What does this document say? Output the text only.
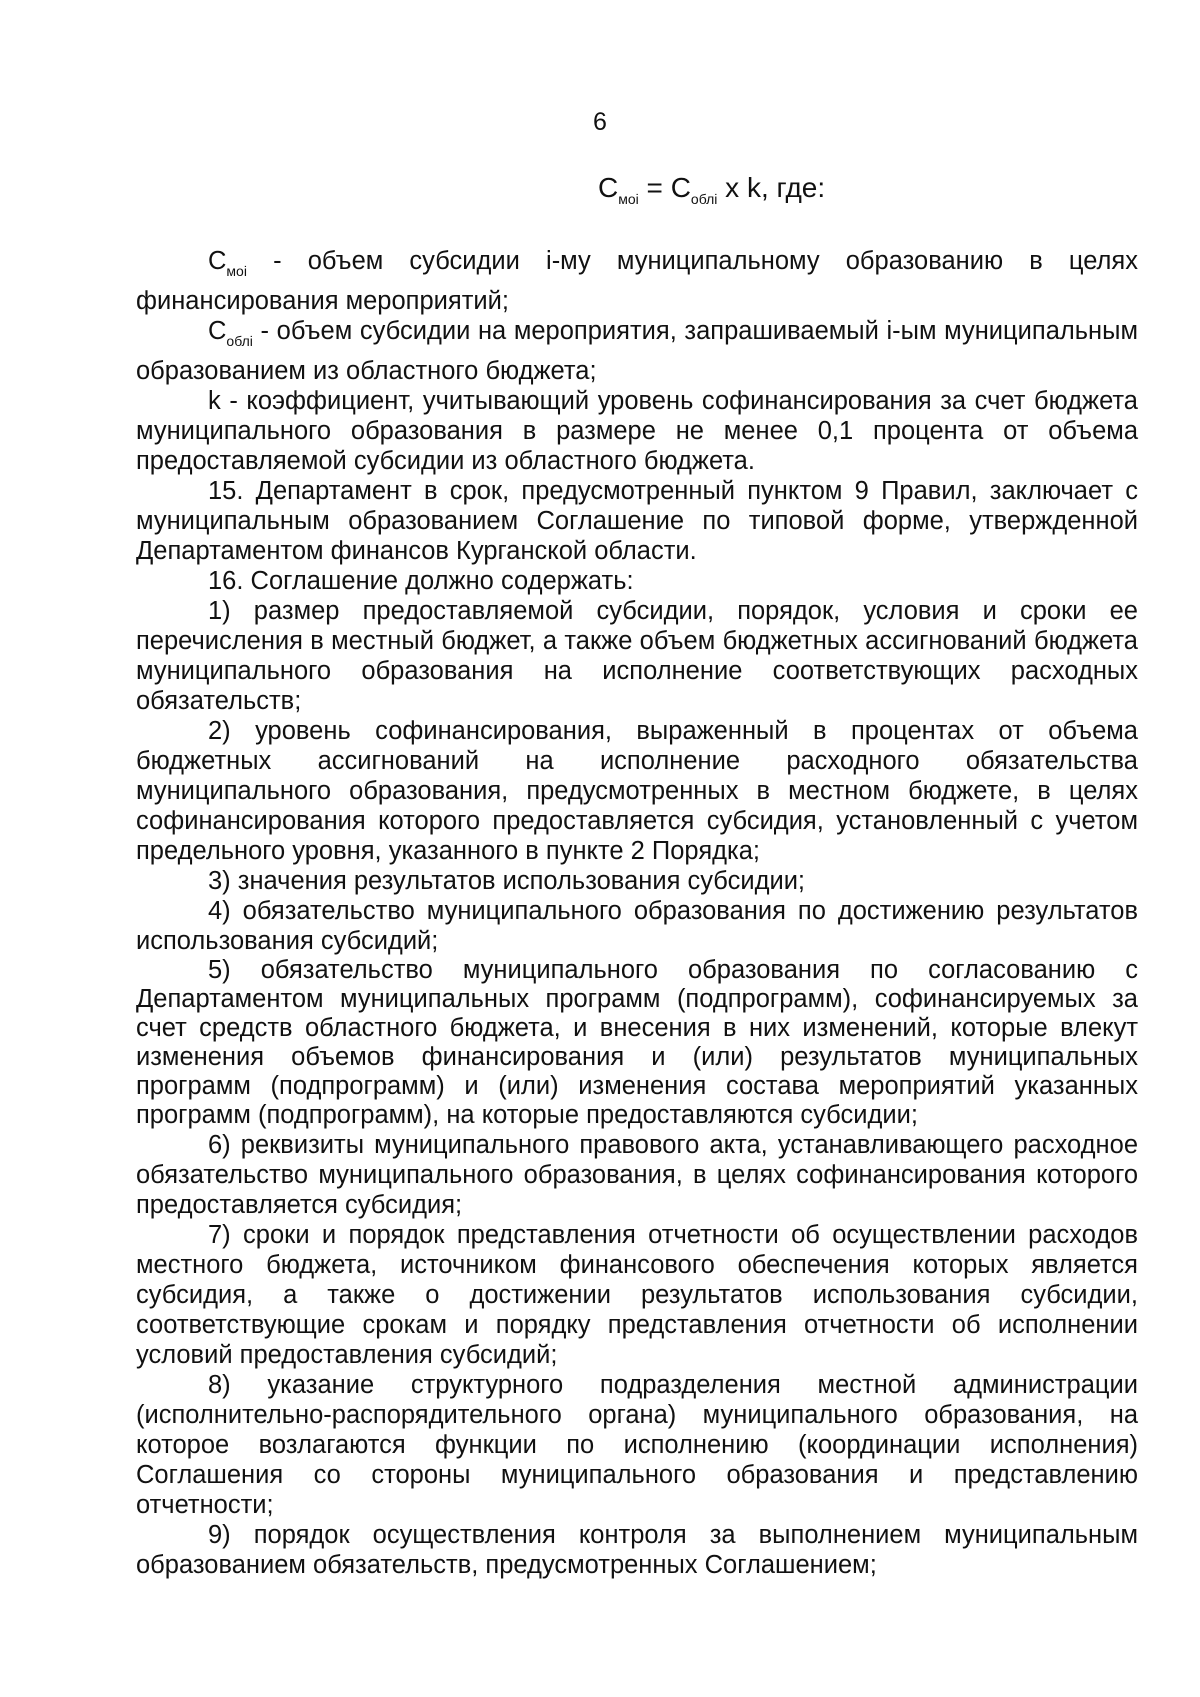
6
$C_{моі} = C_{облі}$ x k, где:

$C_{моі}$ - объем субсидии i-му муниципальному образованию в целях финансирования мероприятий;

$C_{облі}$ - объем субсидии на мероприятия, запрашиваемый i-ым муниципальным образованием из областного бюджета;

k - коэффициент, учитывающий уровень софинансирования за счет бюджета муниципального образования в размере не менее 0,1 процента от объема предоставляемой субсидии из областного бюджета.

15. Департамент в срок, предусмотренный пунктом 9 Правил, заключает с муниципальным образованием Соглашение по типовой форме, утвержденной Департаментом финансов Курганской области.

16. Соглашение должно содержать:

1) размер предоставляемой субсидии, порядок, условия и сроки ее перечисления в местный бюджет, а также объем бюджетных ассигнований бюджета муниципального образования на исполнение соответствующих расходных обязательств;

2) уровень софинансирования, выраженный в процентах от объема бюджетных ассигнований на исполнение расходного обязательства муниципального образования, предусмотренных в местном бюджете, в целях софинансирования которого предоставляется субсидия, установленный с учетом предельного уровня, указанного в пункте 2 Порядка;

3) значения результатов использования субсидии;

4) обязательство муниципального образования по достижению результатов использования субсидий;

5) обязательство муниципального образования по согласованию с Департаментом муниципальных программ (подпрограмм), софинансируемых за счет средств областного бюджета, и внесения в них изменений, которые влекут изменения объемов финансирования и (или) результатов муниципальных программ (подпрограмм) и (или) изменения состава мероприятий указанных программ (подпрограмм), на которые предоставляются субсидии;

6) реквизиты муниципального правового акта, устанавливающего расходное обязательство муниципального образования, в целях софинансирования которого предоставляется субсидия;

7) сроки и порядок представления отчетности об осуществлении расходов местного бюджета, источником финансового обеспечения которых является субсидия, а также о достижении результатов использования субсидии, соответствующие срокам и порядку представления отчетности об исполнении условий предоставления субсидий;

8) указание структурного подразделения местной администрации (исполнительно-распорядительного органа) муниципального образования, на которое возлагаются функции по исполнению (координации исполнения) Соглашения со стороны муниципального образования и представлению отчетности;

9) порядок осуществления контроля за выполнением муниципальным образованием обязательств, предусмотренных Соглашением;
